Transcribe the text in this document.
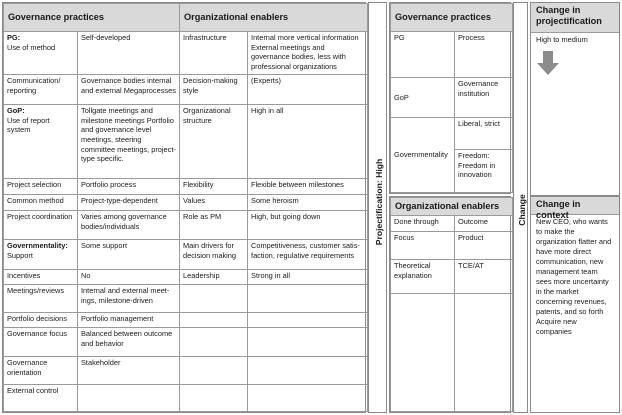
Governance practices		Organizational enablers	

PG:
Use of method	Self-developed	Infrastructure	Internal more vertical information External meetings and governance bodies, less with professional organizations

Communication/ reporting	Governance bodies internal and external Megaprocesses	Decision-making style	(Experts)

GoP:
Use of report system	Tollgate meetings and milestone meetings Portfolio and governance level meetings, steering committee meetings, project-type specific.	Organizational structure	High in all

Project selection	Portfolio process	Flexibility	Flexible between milestones

Common method	Project-type-dependent	Values	Some heroism

Project coordination	Varies among governance bodies/individuals	Role as PM	High, but going down

Governmentality:
Support	Some support	Main drivers for decision making	Competitiveness, customer satis-faction, regulative requirements

Incentives	No	Leadership	Strong in all

Meetings/reviews	Internal and external meet-ings, milestone-driven		

Portfolio decisions	Portfolio management		

Governance focus	Balanced between outcome and behavior		

Governance orientation	Stakeholder		

External control			

Projectification: High
Governance practices	
PG	Process
GoP	Governance institution
Governmentality	Liberal, strict
	Freedom: Freedom in innovation
Organizational enablers	
Done through	Outcome
Focus	Product
Theoretical explanation	TCE/AT

Change
Change in projectification
High to medium
Change in context
New CEO, who wants to make the organization flatter and have more direct communication, new management team sees more uncertainty in the market concerning revenues, patents, and so forth
Acquire new companies
